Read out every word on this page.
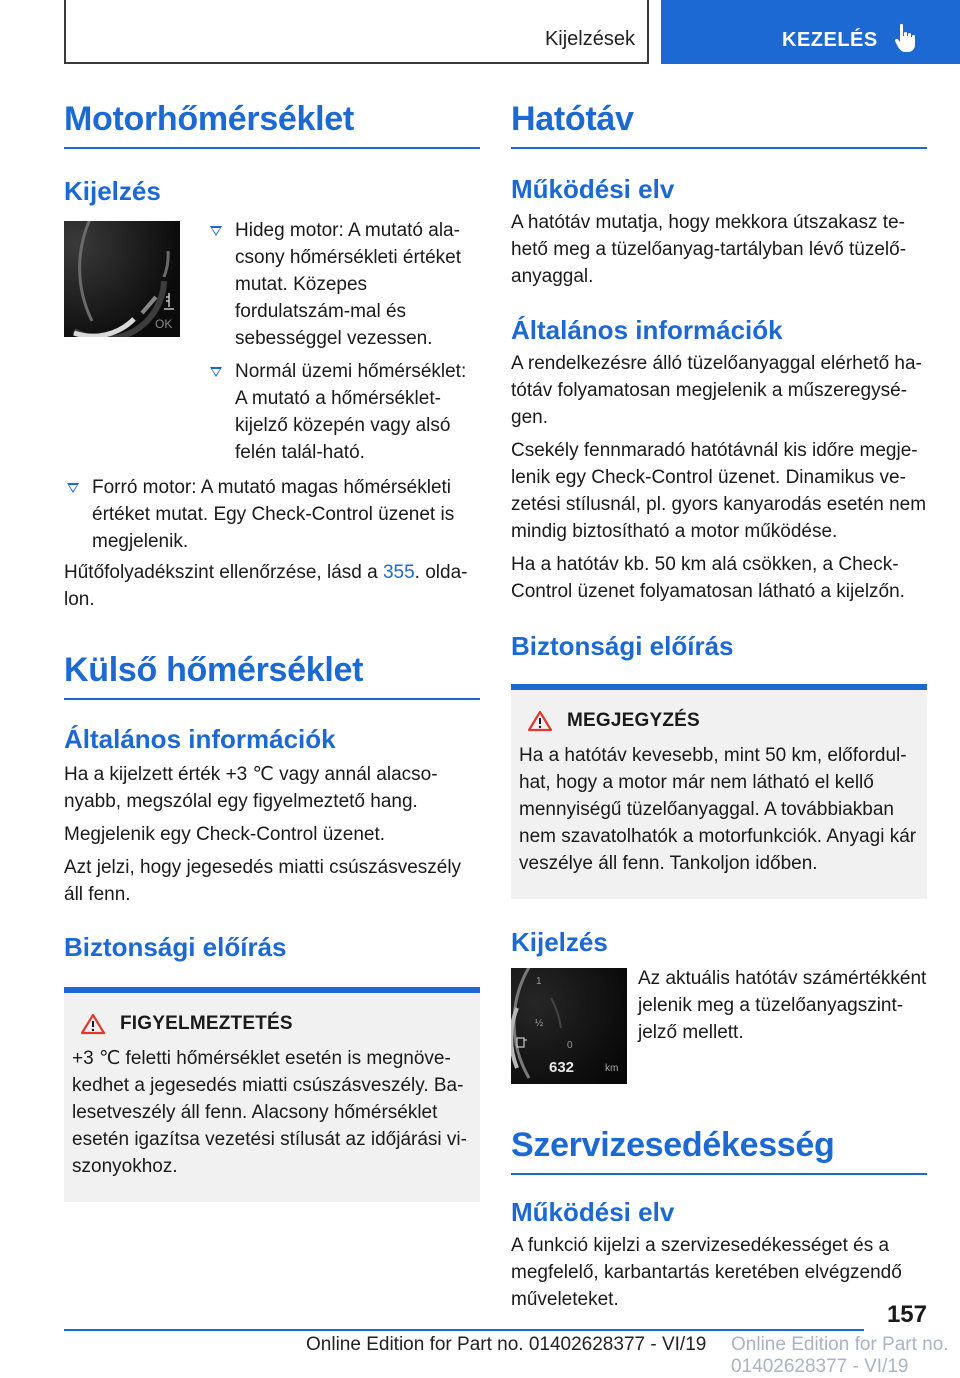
Kijelzések	KEZELÉS
Motorhőmérséklet
Kijelzés
OK
Hideg motor: A mutató ala-csony hőmérsékleti értéket mutat. Közepes fordulatszám-mal és sebességgel vezessen.
Normál üzemi hőmérséklet: A mutató a hőmérséklet-kijelző közepén vagy alsó felén talál-ható.
Forró motor: A mutató magas hőmérsékleti értéket mutat. Egy Check-Control üzenet is megjelenik.

Hűtőfolyadékszint ellenőrzése, lásd a 355. olda-lon.

Külső hőmérséklet
Általános információk

Ha a kijelzett érték +3 ℃ vagy annál alacso-nyabb, megszólal egy figyelmeztető hang.

Megjelenik egy Check-Control üzenet.

Azt jelzi, hogy jegesedés miatti csúszásveszély áll fenn.

Biztonsági előírás
FIGYELMEZTETÉS

+3 ℃ feletti hőmérséklet esetén is megnöve-kedhet a jegesedés miatti csúszásveszély. Ba-lesetveszély áll fenn. Alacsony hőmérséklet esetén igazítsa vezetési stílusát az időjárási vi-szonyokhoz.

Hatótáv
Működési elv

A hatótáv mutatja, hogy mekkora útszakasz te-hető meg a tüzelőanyag-tartályban lévő tüzelő-anyaggal.

Általános információk

A rendelkezésre álló tüzelőanyaggal elérhető ha-tótáv folyamatosan megjelenik a műszeregysé-gen.

Csekély fennmaradó hatótávnál kis időre megje-lenik egy Check-Control üzenet. Dinamikus ve-zetési stílusnál, pl. gyors kanyarodás esetén nem mindig biztosítható a motor működése.

Ha a hatótáv kb. 50 km alá csökken, a Check-Control üzenet folyamatosan látható a kijelzőn.

Biztonsági előírás
MEGJEGYZÉS

Ha a hatótáv kevesebb, mint 50 km, előfordul-hat, hogy a motor már nem látható el kellő mennyiségű tüzelőanyaggal. A továbbiakban nem szavatolhatók a motorfunkciók. Anyagi kár veszélye áll fenn. Tankoljon időben.

Kijelzés
1
½
0
632	km

Az aktuális hatótáv számértékként jelenik meg a tüzelőanyagszint-jelző mellett.

Szervizesedékesség
Működési elv

A funkció kijelzi a szervizesedékességet és a megfelelő, karbantartás keretében elvégzendő műveleteket.

157
Online Edition for Part no. 01402628377 - VI/19 Online Edition for Part no. 01402628377 - VI/19
